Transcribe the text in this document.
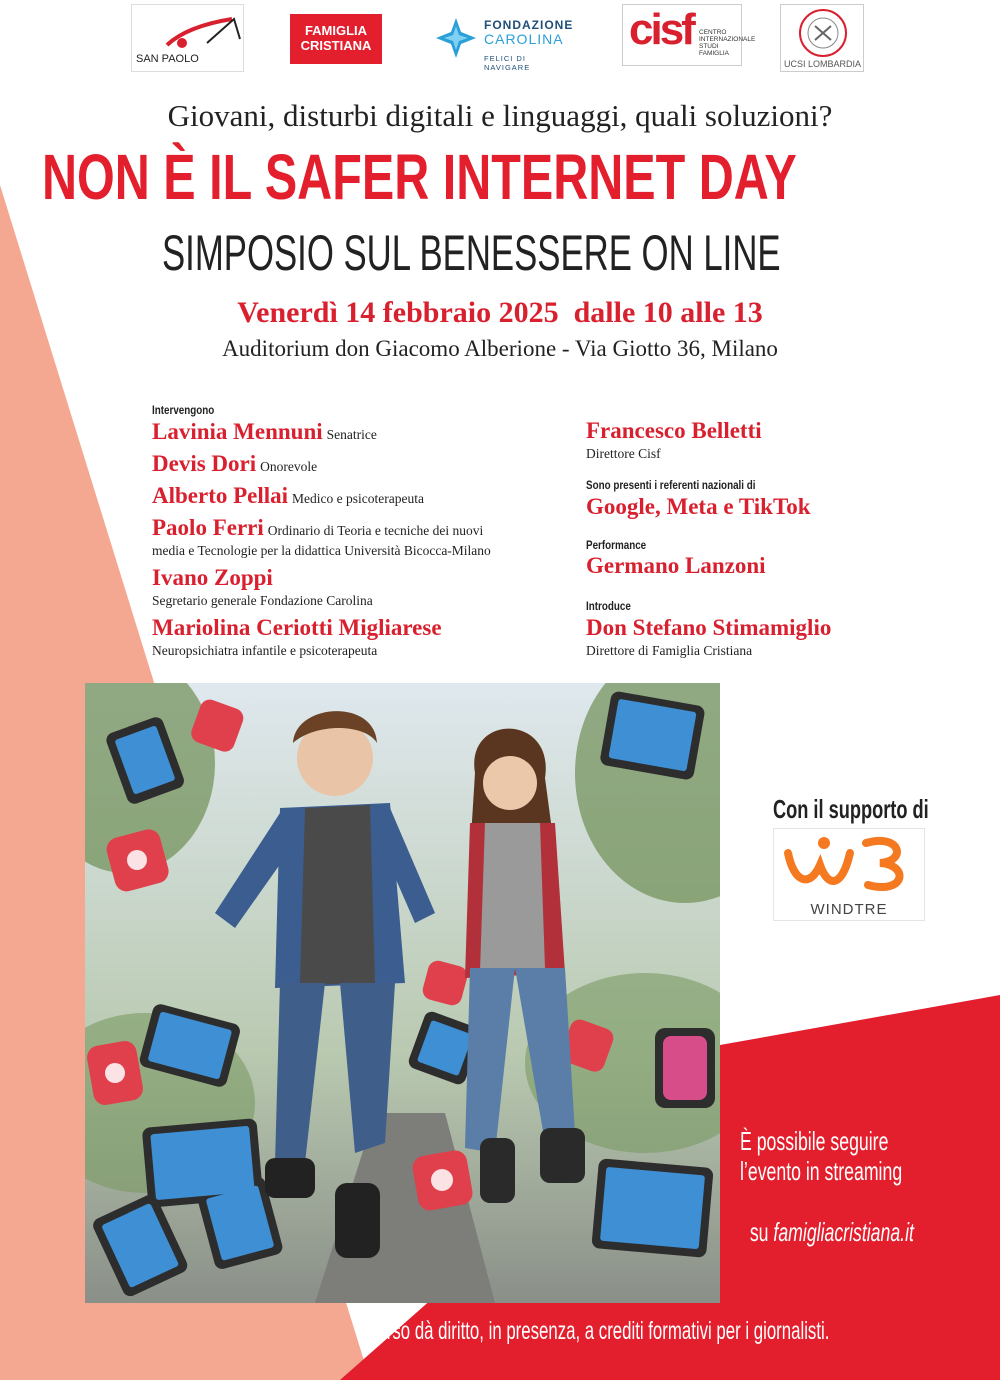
SAN PAOLO
FAMIGLIA
CRISTIANA
FONDAZIONE
CAROLINA
FELICI DI NAVIGARE
cisf CENTRO
INTERNAZIONALE
STUDI
FAMIGLIA
UCSI LOMBARDIA
Giovani, disturbi digitali e linguaggi, quali soluzioni?
NON È IL SAFER INTERNET DAY
SIMPOSIO SUL BENESSERE ON LINE
Venerdì 14 febbraio 2025  dalle 10 alle 13
Auditorium don Giacomo Alberione - Via Giotto 36, Milano
Intervengono
Lavinia Mennuni Senatrice
Devis Dori Onorevole
Alberto Pellai Medico e psicoterapeuta
Paolo Ferri Ordinario di Teoria e tecniche dei nuovi
media e Tecnologie per la didattica Università Bicocca-Milano
Ivano Zoppi
Segretario generale Fondazione Carolina
Mariolina Ceriotti Migliarese
Neuropsichiatra infantile e psicoterapeuta
Francesco Belletti
Direttore Cisf
Sono presenti i referenti nazionali di
Google, Meta e TikTok
Performance
Germano Lanzoni
Introduce
Don Stefano Stimamiglio
Direttore di Famiglia Cristiana
Con il supporto di
WINDTRE
È possibile seguire
l’evento in streaming

su famigliacristiana.it

Il corso dà diritto, in presenza, a crediti formativi per i giornalisti.
